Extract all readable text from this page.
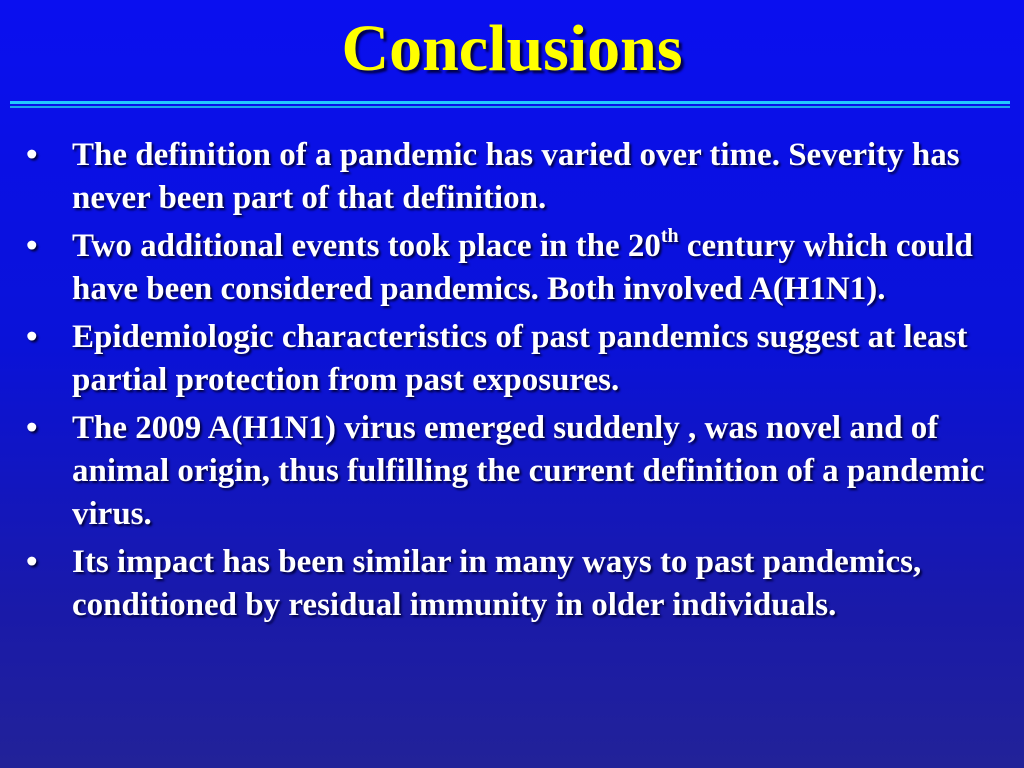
Conclusions
•	The definition of a pandemic has varied over time. Severity has never been part of that definition.
•	Two additional events took place in the 20th century which could have been considered pandemics. Both involved A(H1N1).
•	Epidemiologic characteristics of past pandemics suggest at least partial protection from past exposures.
•	The 2009 A(H1N1) virus emerged suddenly , was novel and of animal origin, thus fulfilling the current definition of a pandemic virus.
•	Its impact has been similar in many ways to past pandemics, conditioned by residual immunity in older individuals.
